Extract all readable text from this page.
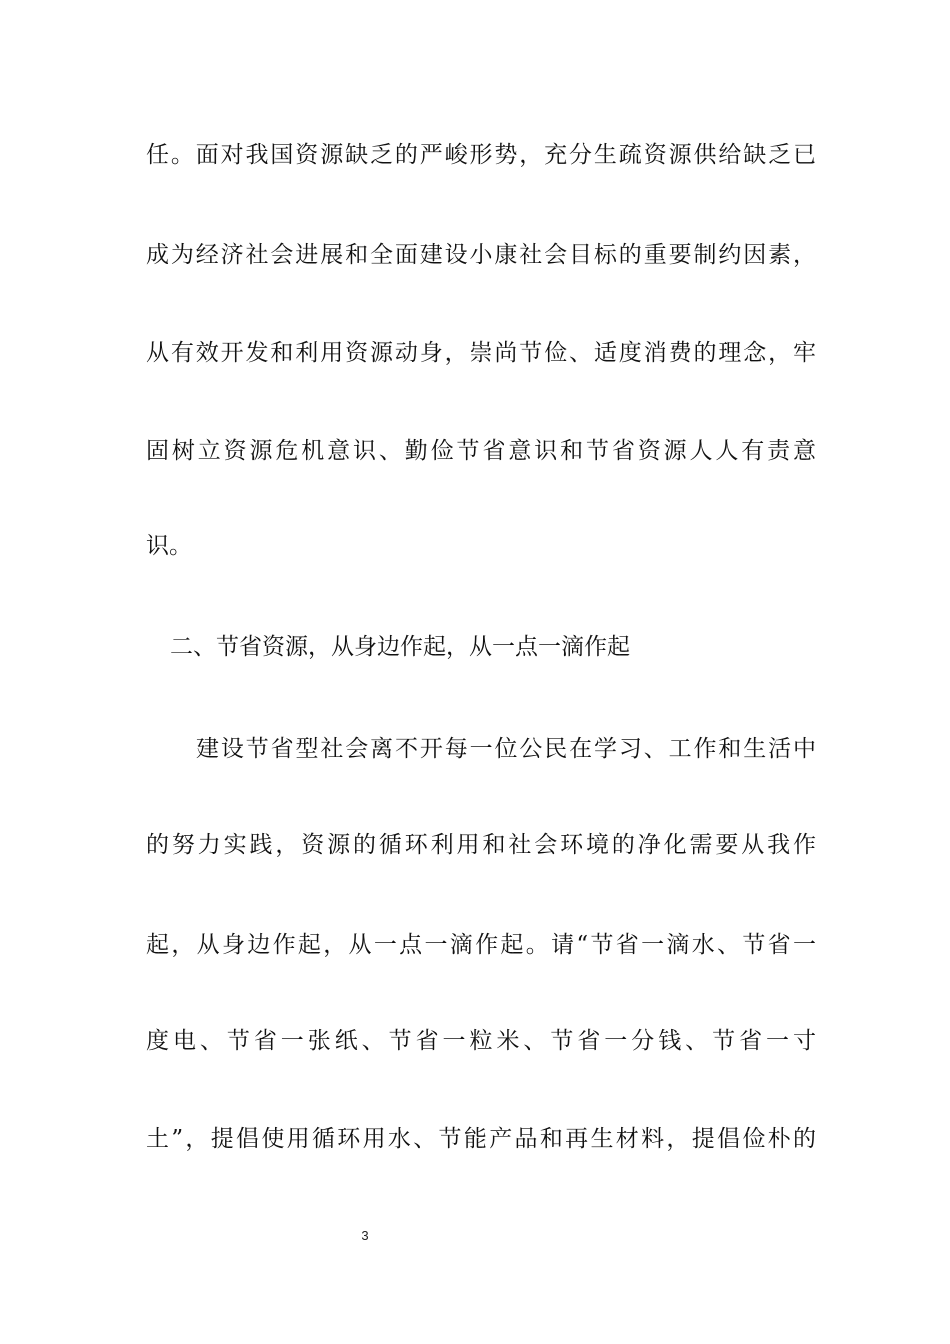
任。面对我国资源缺乏的严峻形势，充分生疏资源供给缺乏已
成为经济社会进展和全面建设小康社会目标的重要制约因素，
从有效开发和利用资源动身，崇尚节俭、适度消费的理念，牢
固树立资源危机意识、勤俭节省意识和节省资源人人有责意
识。
二、节省资源，从身边作起，从一点一滴作起
建设节省型社会离不开每一位公民在学习、工作和生活中
的努力实践，资源的循环利用和社会环境的净化需要从我作
起，从身边作起，从一点一滴作起。请“节省一滴水、节省一
度电、节省一张纸、节省一粒米、节省一分钱、节省一寸
土”，提倡使用循环用水、节能产品和再生材料，提倡俭朴的
3
